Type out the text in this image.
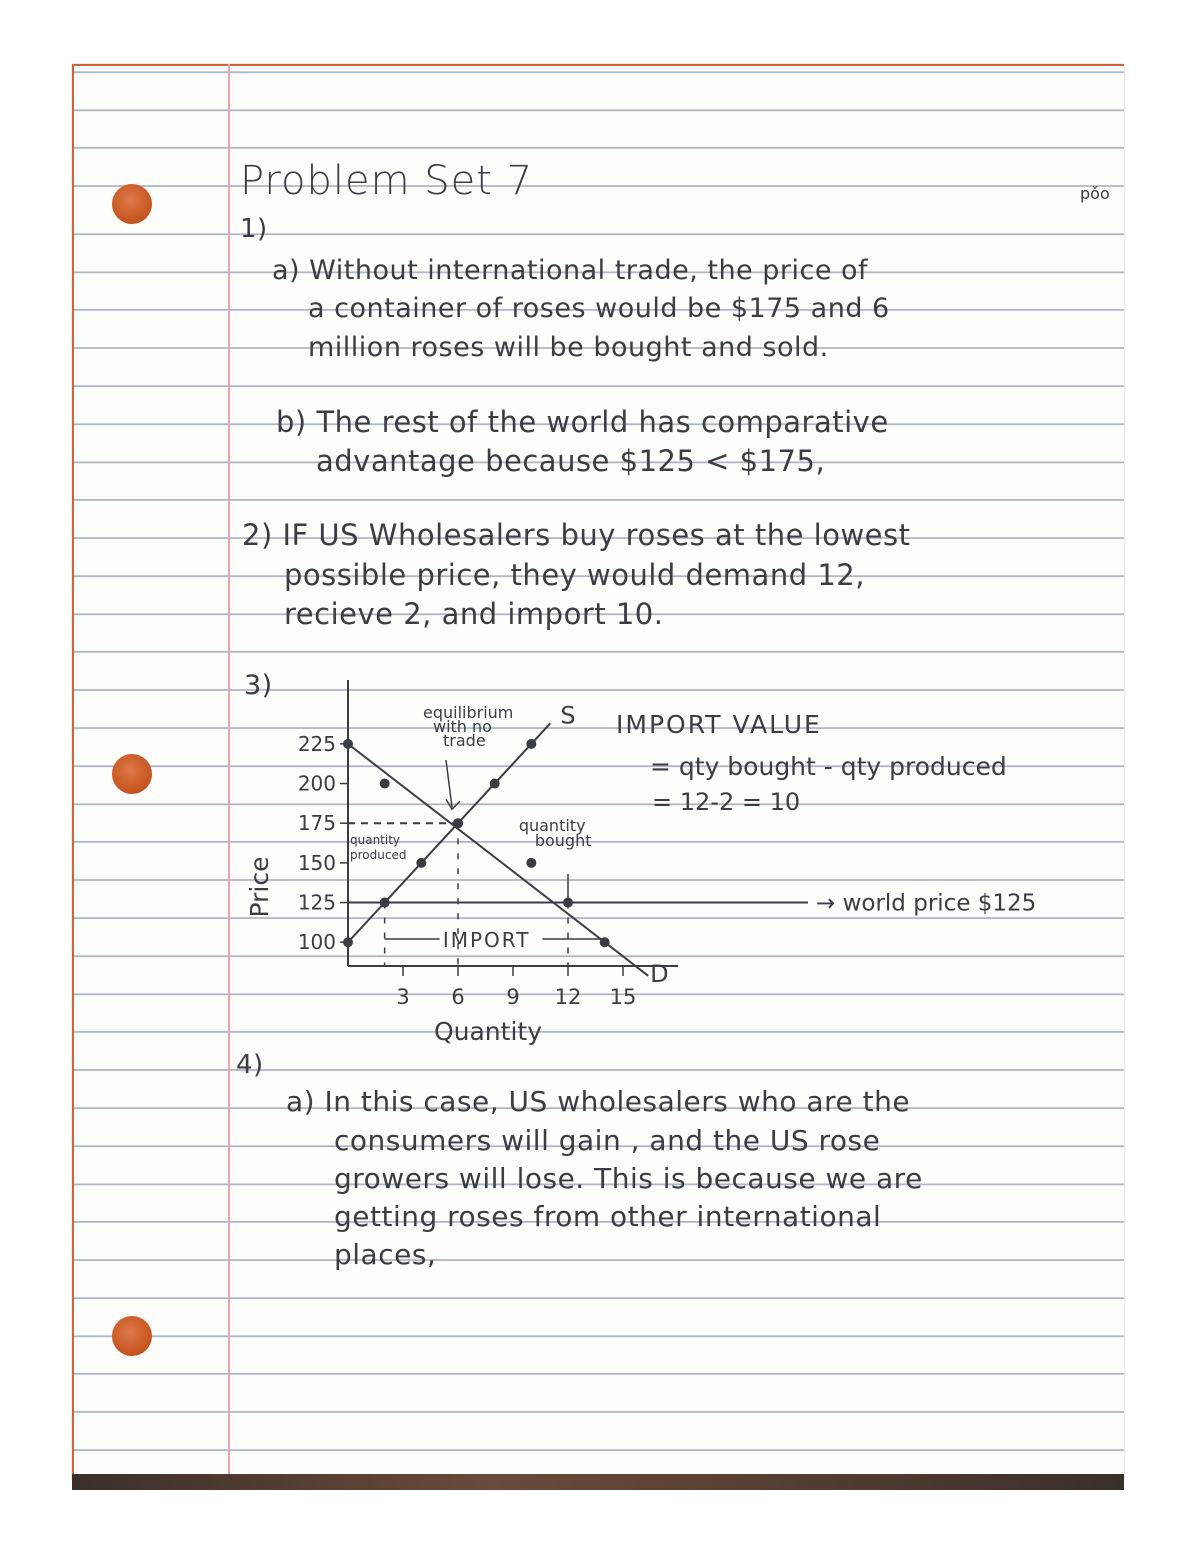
Problem Set 7	pǒo
1)
a) Without international trade, the price of
a container of roses would be $175 and 6
million roses will be bought and sold.
b) The rest of the world has comparative
advantage because $125 < $175,
2) IF US Wholesalers buy roses at the lowest
possible price, they would demand 12,
recieve 2, and import 10.
3)
IMPORT VALUE
= qty bought - qty produced
= 12-2 = 10
100
125
150
175
200
225
3 6 9 12 15
Quantity
Price	→ world price $125
S
D
equilibrium
with no
trade
quantity
produced
quantity
bought
IMPORT
4)
a) In this case, US wholesalers who are the
consumers will gain , and the US rose
growers will lose. This is because we are
getting roses from other international
places,
